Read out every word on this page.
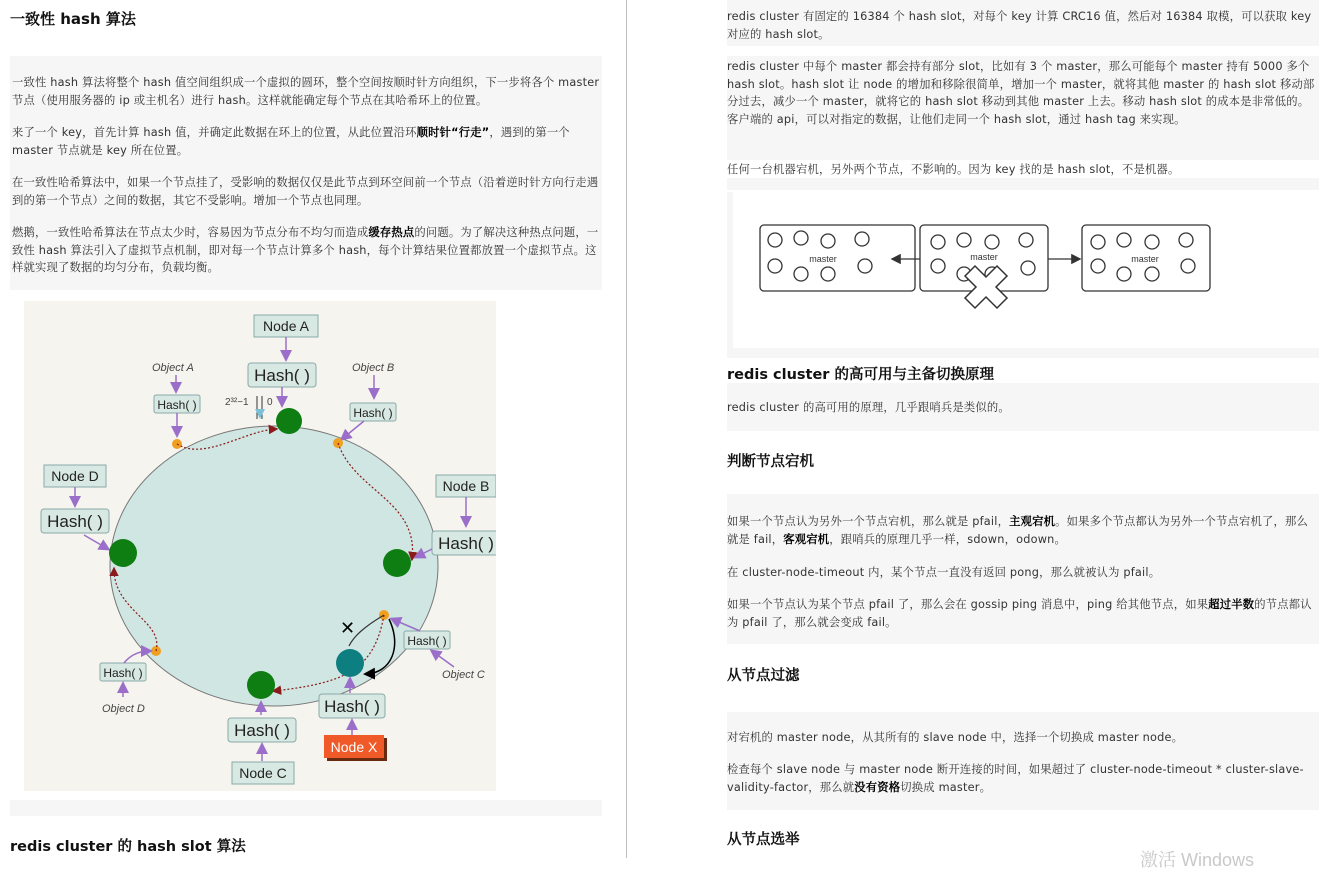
一致性 hash 算法
一致性 hash 算法将整个 hash 值空间组织成一个虚拟的圆环，整个空间按顺时针方向组织，下一步将各个 master 节点（使用服务器的 ip 或主机名）进行 hash。这样就能确定每个节点在其哈希环上的位置。
来了一个 key，首先计算 hash 值，并确定此数据在环上的位置，从此位置沿环顺时针“行走”，遇到的第一个 master 节点就是 key 所在位置。
在一致性哈希算法中，如果一个节点挂了，受影响的数据仅仅是此节点到环空间前一个节点（沿着逆时针方向行走遇到的第一个节点）之间的数据，其它不受影响。增加一个节点也同理。
燃鹅，一致性哈希算法在节点太少时，容易因为节点分布不均匀而造成缓存热点的问题。为了解决这种热点问题，一致性 hash 算法引入了虚拟节点机制，即对每一个节点计算多个 hash，每个计算结果位置都放置一个虚拟节点。这样就实现了数据的均匀分布，负载均衡。
Node A
Hash( )
2³²−1 0
Object A
Hash( )
Object B
Hash( )
Node B
Hash( )
Node D
Hash( )
Hash( )
Object C
✕
Hash( )
Node X
Hash( )
Node C
Hash( )
Object D
redis cluster 的 hash slot 算法
redis cluster 有固定的 16384 个 hash slot，对每个 key 计算 CRC16 值，然后对 16384 取模，可以获取 key 对应的 hash slot。
redis cluster 中每个 master 都会持有部分 slot，比如有 3 个 master，那么可能每个 master 持有 5000 多个 hash slot。hash slot 让 node 的增加和移除很简单，增加一个 master，就将其他 master 的 hash slot 移动部分过去，减少一个 master，就将它的 hash slot 移动到其他 master 上去。移动 hash slot 的成本是非常低的。客户端的 api，可以对指定的数据，让他们走同一个 hash slot，通过 hash tag 来实现。
任何一台机器宕机，另外两个节点，不影响的。因为 key 找的是 hash slot，不是机器。
master	master	master
redis cluster 的高可用与主备切换原理
redis cluster 的高可用的原理，几乎跟哨兵是类似的。
判断节点宕机
如果一个节点认为另外一个节点宕机，那么就是 pfail，主观宕机。如果多个节点都认为另外一个节点宕机了，那么就是 fail，客观宕机，跟哨兵的原理几乎一样，sdown，odown。
在 cluster-node-timeout 内，某个节点一直没有返回 pong，那么就被认为 pfail。
如果一个节点认为某个节点 pfail 了，那么会在 gossip ping 消息中，ping 给其他节点，如果超过半数的节点都认为 pfail 了，那么就会变成 fail。
从节点过滤
对宕机的 master node，从其所有的 slave node 中，选择一个切换成 master node。
检查每个 slave node 与 master node 断开连接的时间，如果超过了 cluster-node-timeout * cluster-slave-validity-factor，那么就没有资格切换成 master。
从节点选举
激活 Windows
